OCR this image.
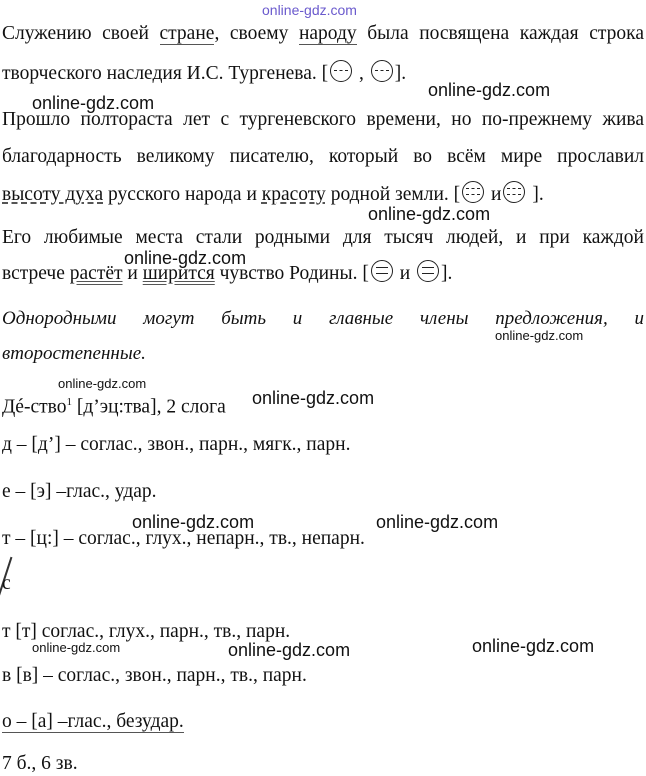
online-gdz.com
Служению своей стране, своему народу была посвящена каждая строка
творческого наследия И.С. Тургенева. [ , ].
online-gdz.com
online-gdz.com
Прошло полтораста лет с тургеневского времени, но по-прежнему жива
благодарность великому писателю, который во всём мире прославил
высоту духа русского народа и красоту родной земли. [ и ].
online-gdz.com
online-gdz.com
Его любимые места стали родными для тысяч людей, и при каждой
встрече растёт и ширится чувство Родины. [ и ].
Однородными могут быть и главные члены предложения, и
online-gdz.com
второстепенные.
online-gdz.com
Дé-ство$^1$ [д’эц:тва], 2 слога online-gdz.com
д – [д’] – соглас., звон., парн., мягк., парн.
е – [э] –глас., удар.
online-gdz.com	online-gdz.com
т – [ц:] – соглас., глух., непарн., тв., непарн.
с
т [т] соглас., глух., парн., тв., парн.
online-gdz.com	online-gdz.com	online-gdz.com
в [в] – соглас., звон., парн., тв., парн.
о – [а] –глас., безудар.
7 б., 6 зв.
